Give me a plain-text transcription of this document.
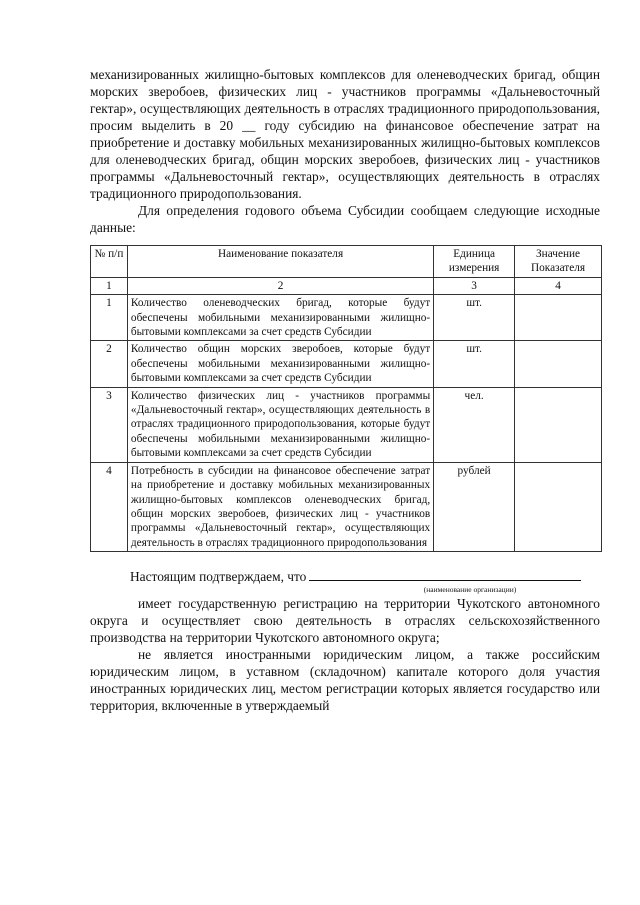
механизированных жилищно-бытовых комплексов для оленеводческих бригад, общин морских зверобоев, физических лиц - участников программы «Дальневосточный гектар», осуществляющих деятельность в отраслях традиционного природопользования, просим выделить в 20 __ году субсидию на финансовое обеспечение затрат на приобретение и доставку мобильных механизированных жилищно-бытовых комплексов для оленеводческих бригад, общин морских зверобоев, физических лиц - участников программы «Дальневосточный гектар», осуществляющих деятельность в отраслях традиционного природопользования.

Для определения годового объема Субсидии сообщаем следующие исходные данные:

№ п/п	Наименование показателя	Единица измерения	Значение Показателя
1	2	3	4
1	Количество оленеводческих бригад, которые будут обеспечены мобильными механизированными жилищно-бытовыми комплексами за счет средств Субсидии	шт.	
2	Количество общин морских зверобоев, которые будут обеспечены мобильными механизированными жилищно-бытовыми комплексами за счет средств Субсидии	шт.	
3	Количество физических лиц - участников программы «Дальневосточный гектар», осуществляющих деятельность в отраслях традиционного природопользования, которые будут обеспечены мобильными механизированными жилищно-бытовыми комплексами за счет средств Субсидии	чел.	
4	Потребность в субсидии на финансовое обеспечение затрат на приобретение и доставку мобильных механизированных жилищно-бытовых комплексов оленеводческих бригад, общин морских зверобоев, физических лиц - участников программы «Дальневосточный гектар», осуществляющих деятельность в отраслях традиционного природопользования	рублей	
Настоящим подтверждаем, что
(наименование организации)

имеет государственную регистрацию на территории Чукотского автономного округа и осуществляет свою деятельность в отраслях сельскохозяйственного производства на территории Чукотского автономного округа;

не является иностранными юридическим лицом, а также российским юридическим лицом, в уставном (складочном) капитале которого доля участия иностранных юридических лиц, местом регистрации которых является государство или территория, включенные в утверждаемый
